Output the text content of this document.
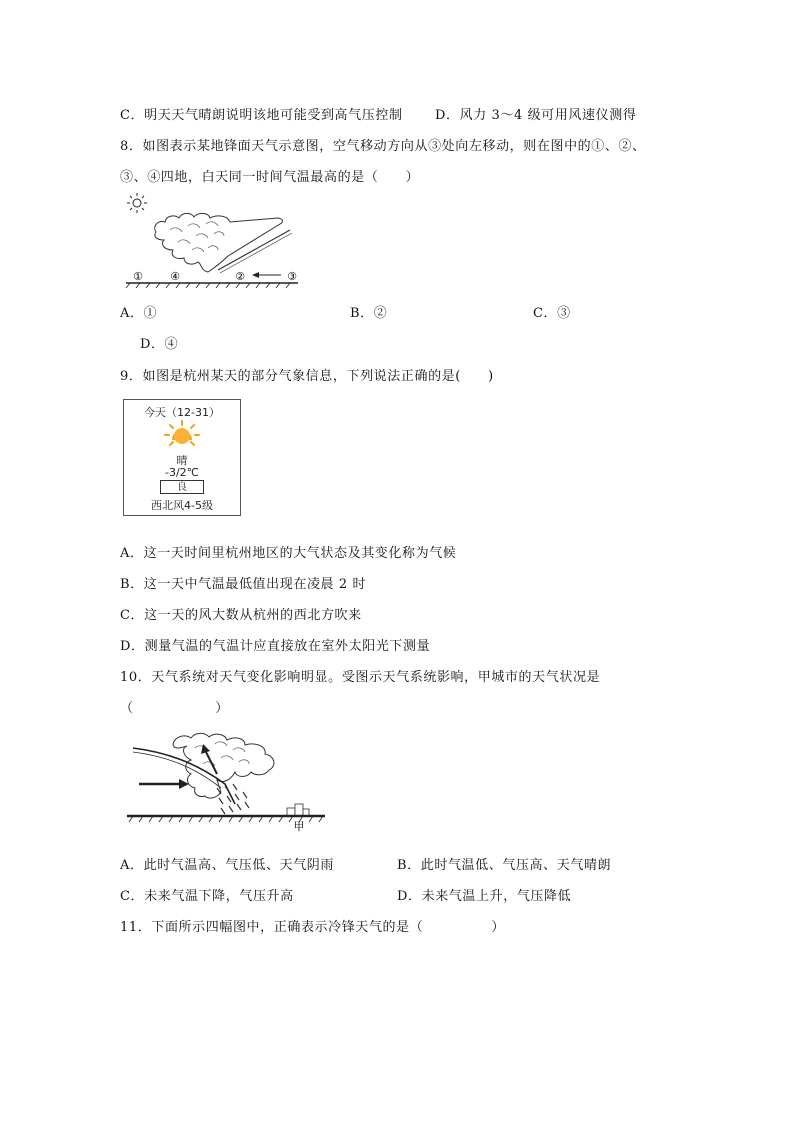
C．明天天气晴朗说明该地可能受到高气压控制 D．风力 3～4 级可用风速仪测得
8．如图表示某地锋面天气示意图，空气移动方向从③处向左移动，则在图中的①、②、
③、④四地，白天同一时间气温最高的是（　　）
① ④	②	③
A．①	B．②	C．③
D．④
9．如图是杭州某天的部分气象信息，下列说法正确的是(　　)
今天（12-31）
晴
-3/2℃
良
西北风4-5级
A．这一天时间里杭州地区的大气状态及其变化称为气候
B．这一天中气温最低值出现在凌晨 2 时
C．这一天的风大数从杭州的西北方吹来
D．测量气温的气温计应直接放在室外太阳光下测量
10．天气系统对天气变化影响明显。受图示天气系统影响，甲城市的天气状况是
（　　　　　　）
甲
A．此时气温高、气压低、天气阴雨	B．此时气温低、气压高、天气晴朗
C．未来气温下降，气压升高	D．未来气温上升，气压降低
11．下面所示四幅图中，正确表示冷锋天气的是（　　　　　）
